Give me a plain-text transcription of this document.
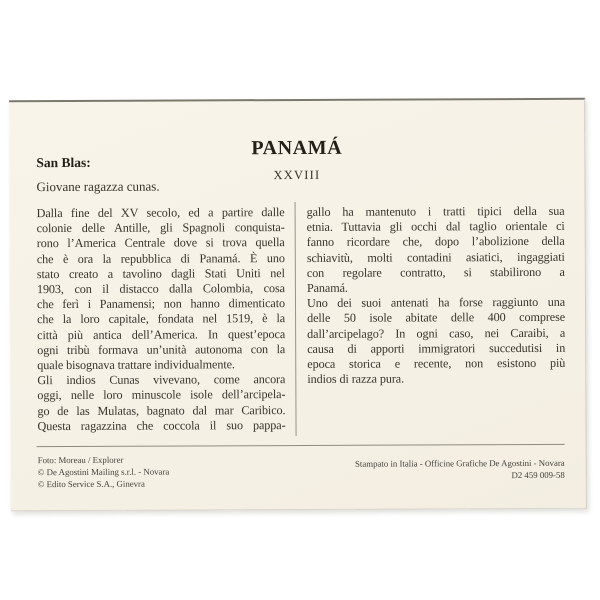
PANAMÁ
XXVIII
San Blas:
Giovane ragazza cunas.
Dalla fine del XV secolo, ed a partire dalle
colonie delle Antille, gli Spagnoli conquista-
rono l’America Centrale dove si trova quella
che è ora la repubblica di Panamá. È uno
stato creato a tavolino dagli Stati Uniti nel
1903, con il distacco dalla Colombia, cosa
che ferì i Panamensi; non hanno dimenticato
che la loro capitale, fondata nel 1519, è la
città più antica dell’America. In quest’epoca
ogni tribù formava un’unità autonoma con la
quale bisognava trattare individualmente.
Gli indios Cunas vivevano, come ancora
oggi, nelle loro minuscole isole dell’arcipela-
go de las Mulatas, bagnato dal mar Caribico.
Questa ragazzina che coccola il suo pappa-
gallo ha mantenuto i tratti tipici della sua
etnia. Tuttavia gli occhi dal taglio orientale ci
fanno ricordare che, dopo l’abolizione della
schiavitù, molti contadini asiatici, ingaggiati
con regolare contratto, si stabilirono a
Panamá.
Uno dei suoi antenati ha forse raggiunto una
delle 50 isole abitate delle 400 comprese
dall’arcipelago? In ogni caso, nei Caraibi, a
causa di apporti immigratori succedutisi in
epoca storica e recente, non esistono più
indios di razza pura.
Foto: Moreau / Explorer
© De Agostini Mailing s.r.l. - Novara
© Edito Service S.A., Ginevra
Stampato in Italia - Officine Grafiche De Agostini - Novara
D2 459 009-58
